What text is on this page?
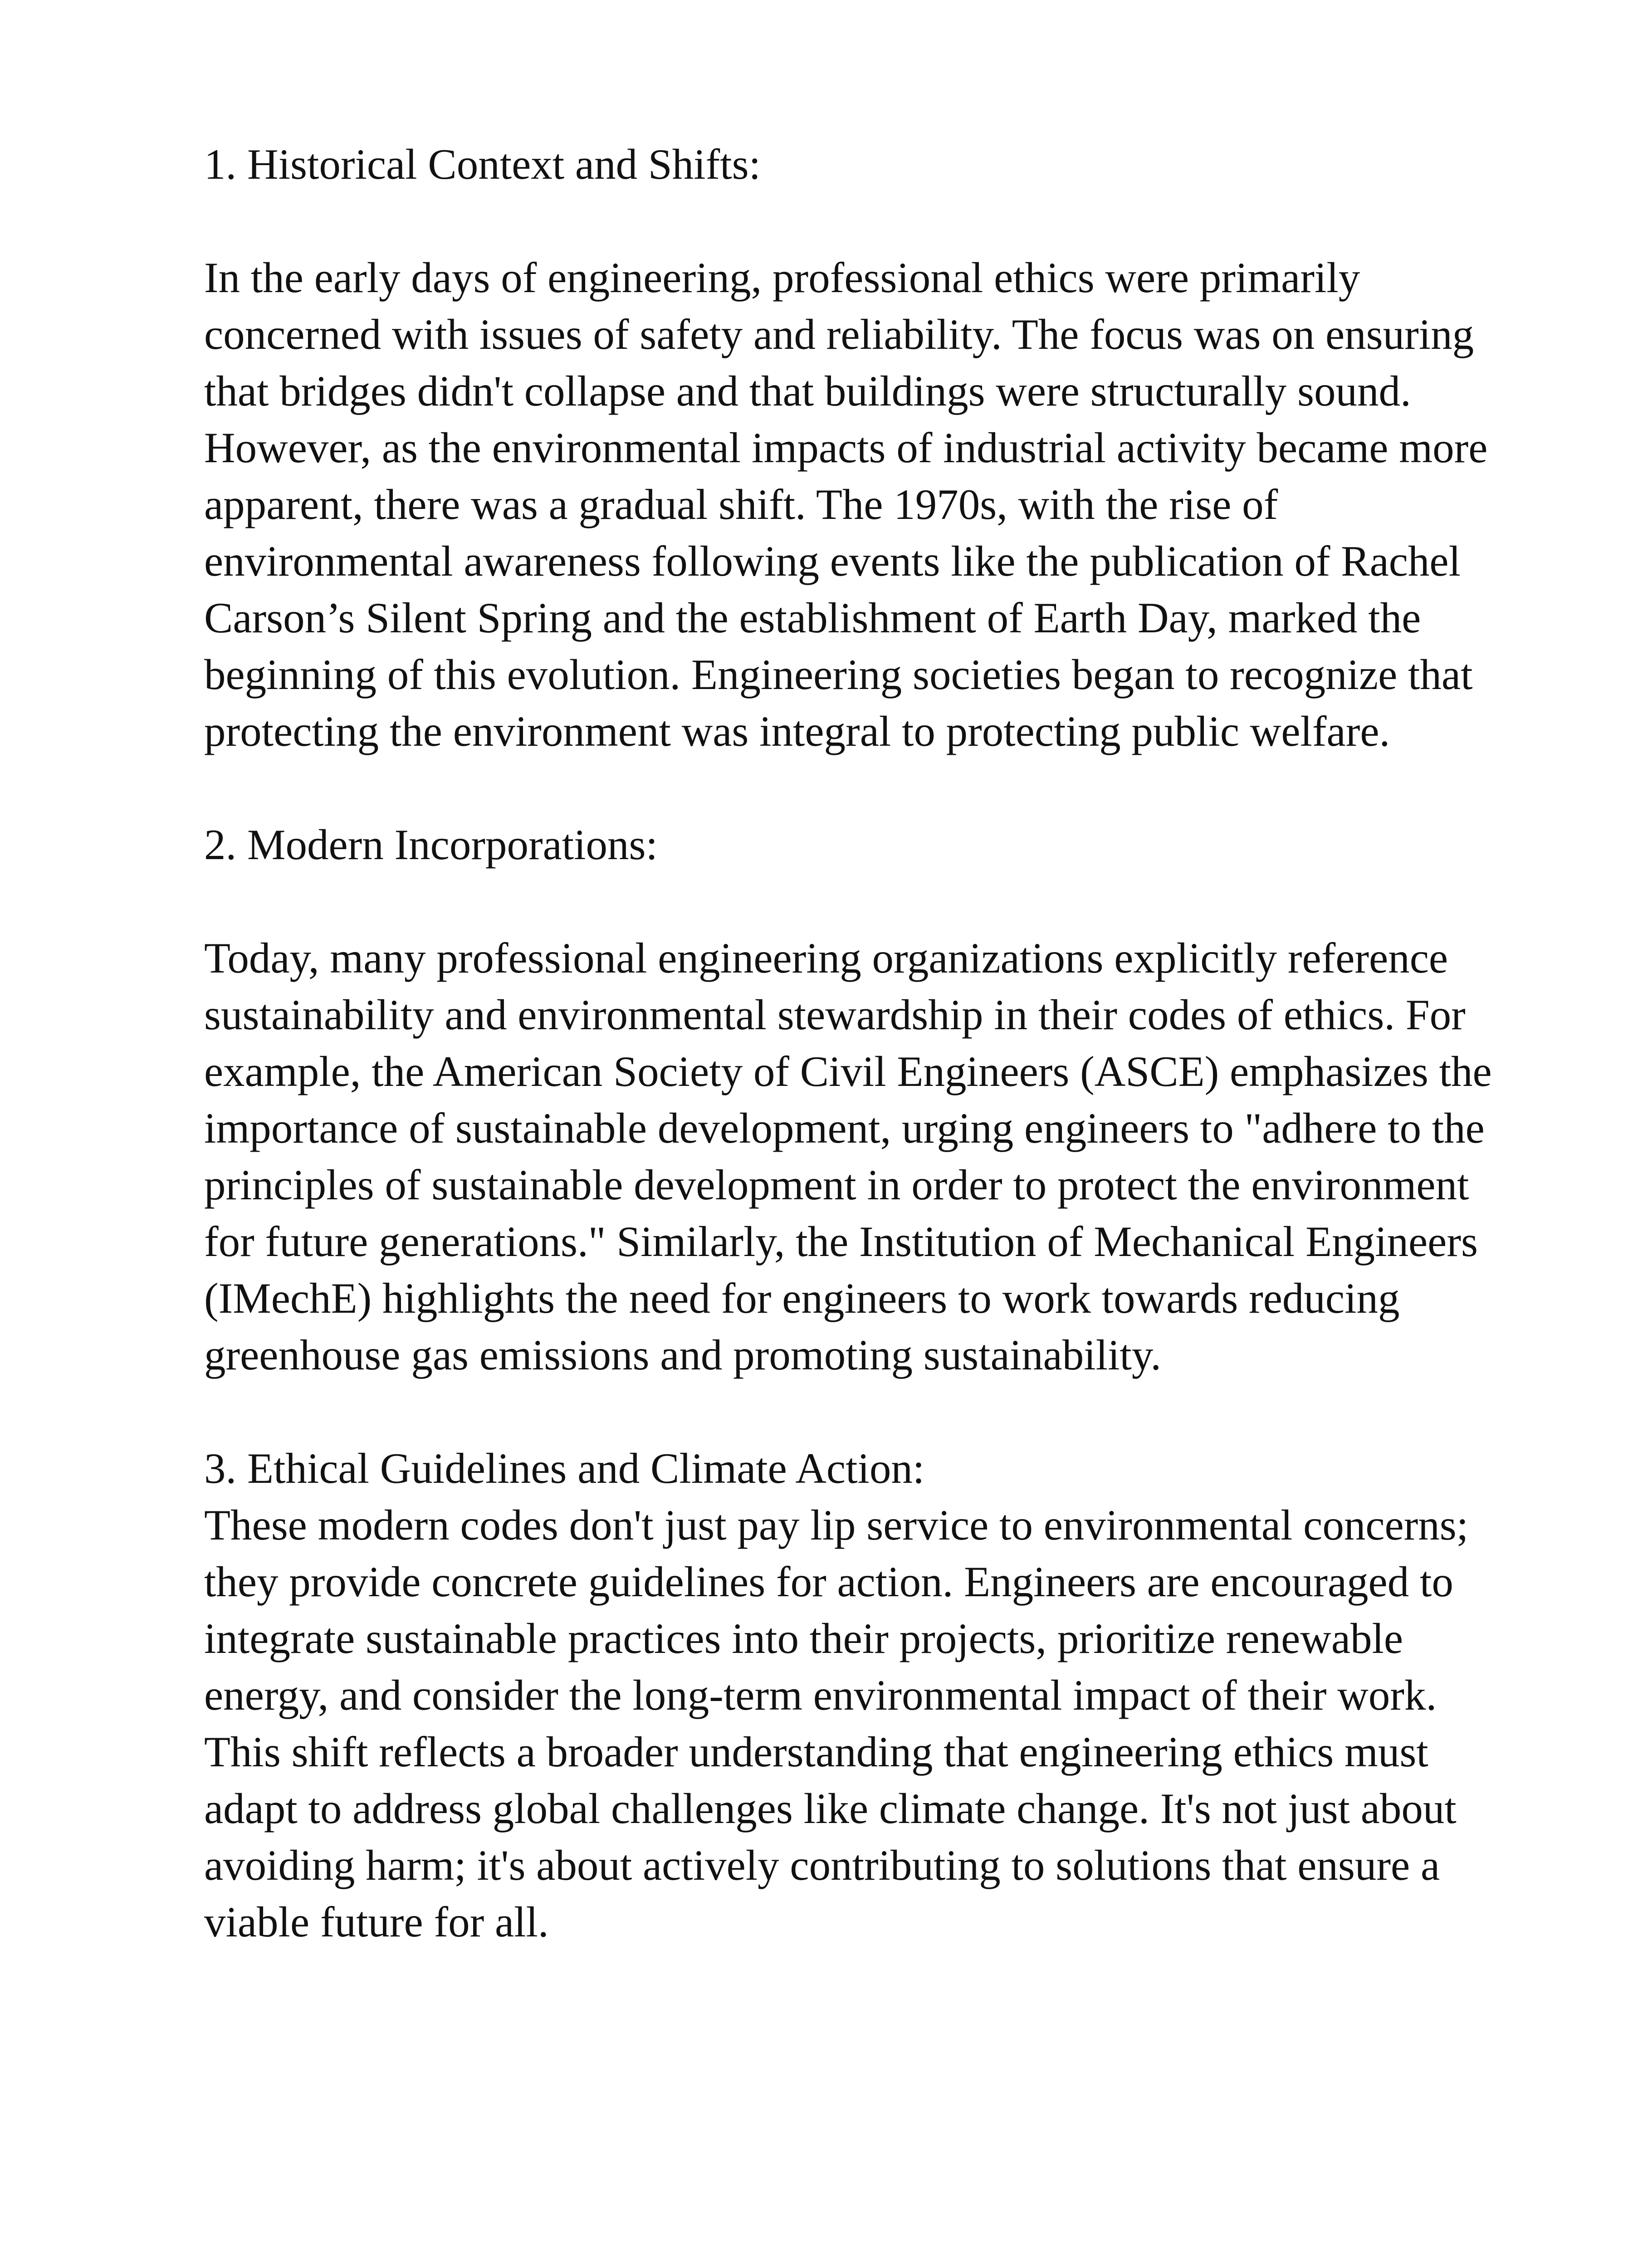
1. Historical Context and Shifts:

In the early days of engineering, professional ethics were primarily concerned with issues of safety and reliability. The focus was on ensuring that bridges didn't collapse and that buildings were structurally sound. However, as the environmental impacts of industrial activity became more apparent, there was a gradual shift. The 1970s, with the rise of environmental awareness following events like the publication of Rachel Carson’s Silent Spring and the establishment of Earth Day, marked the beginning of this evolution. Engineering societies began to recognize that protecting the environment was integral to protecting public welfare.

2. Modern Incorporations:

Today, many professional engineering organizations explicitly reference sustainability and environmental stewardship in their codes of ethics. For example, the American Society of Civil Engineers (ASCE) emphasizes the importance of sustainable development, urging engineers to "adhere to the principles of sustainable development in order to protect the environment for future generations." Similarly, the Institution of Mechanical Engineers (IMechE) highlights the need for engineers to work towards reducing greenhouse gas emissions and promoting sustainability.

3. Ethical Guidelines and Climate Action:

These modern codes don't just pay lip service to environmental concerns; they provide concrete guidelines for action. Engineers are encouraged to integrate sustainable practices into their projects, prioritize renewable energy, and consider the long-term environmental impact of their work. This shift reflects a broader understanding that engineering ethics must adapt to address global challenges like climate change. It's not just about avoiding harm; it's about actively contributing to solutions that ensure a viable future for all.
